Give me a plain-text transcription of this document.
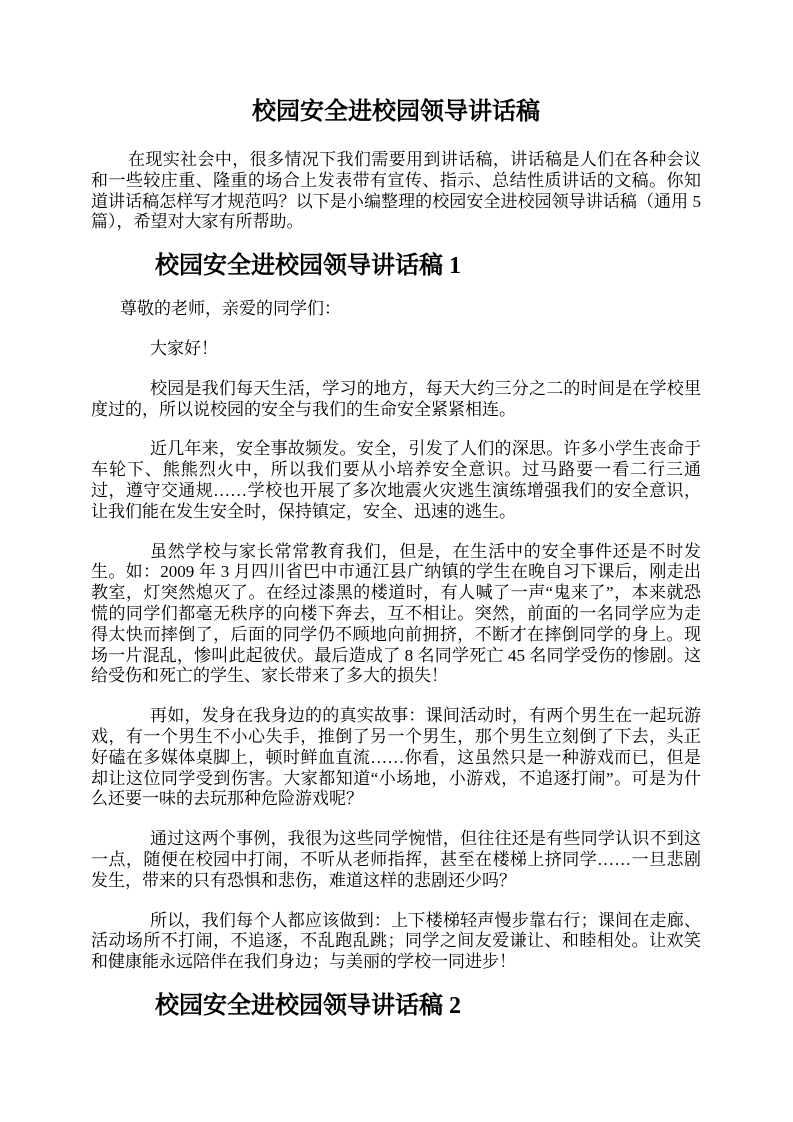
校园安全进校园领导讲话稿

在现实社会中，很多情况下我们需要用到讲话稿，讲话稿是人们在各种会议和一些较庄重、隆重的场合上发表带有宣传、指示、总结性质讲话的文稿。你知道讲话稿怎样写才规范吗？以下是小编整理的校园安全进校园领导讲话稿（通用 5 篇），希望对大家有所帮助。

校园安全进校园领导讲话稿 1

尊敬的老师，亲爱的同学们：

大家好！

校园是我们每天生活，学习的地方，每天大约三分之二的时间是在学校里度过的，所以说校园的安全与我们的生命安全紧紧相连。

近几年来，安全事故频发。安全，引发了人们的深思。许多小学生丧命于车轮下、熊熊烈火中，所以我们要从小培养安全意识。过马路要一看二行三通过，遵守交通规……学校也开展了多次地震火灾逃生演练增强我们的安全意识，让我们能在发生安全时，保持镇定，安全、迅速的逃生。

虽然学校与家长常常教育我们，但是，在生活中的安全事件还是不时发生。如：2009 年 3 月四川省巴中市通江县广纳镇的学生在晚自习下课后，刚走出教室，灯突然熄灭了。在经过漆黑的楼道时，有人喊了一声“鬼来了”，本来就恐慌的同学们都毫无秩序的向楼下奔去，互不相让。突然，前面的一名同学应为走得太快而摔倒了，后面的同学仍不顾地向前拥挤，不断才在摔倒同学的身上。现场一片混乱，惨叫此起彼伏。最后造成了 8 名同学死亡 45 名同学受伤的惨剧。这给受伤和死亡的学生、家长带来了多大的损失！

再如，发身在我身边的的真实故事：课间活动时，有两个男生在一起玩游戏，有一个男生不小心失手，推倒了另一个男生，那个男生立刻倒了下去，头正好磕在多媒体桌脚上，顿时鲜血直流……你看，这虽然只是一种游戏而已，但是却让这位同学受到伤害。大家都知道“小场地，小游戏，不追逐打闹”。可是为什么还要一味的去玩那种危险游戏呢？

通过这两个事例，我很为这些同学惋惜，但往往还是有些同学认识不到这一点，随便在校园中打闹，不听从老师指挥，甚至在楼梯上挤同学……一旦悲剧发生，带来的只有恐惧和悲伤，难道这样的悲剧还少吗？

所以，我们每个人都应该做到：上下楼梯轻声慢步靠右行；课间在走廊、活动场所不打闹，不追逐，不乱跑乱跳；同学之间友爱谦让、和睦相处。让欢笑和健康能永远陪伴在我们身边；与美丽的学校一同进步！

校园安全进校园领导讲话稿 2
